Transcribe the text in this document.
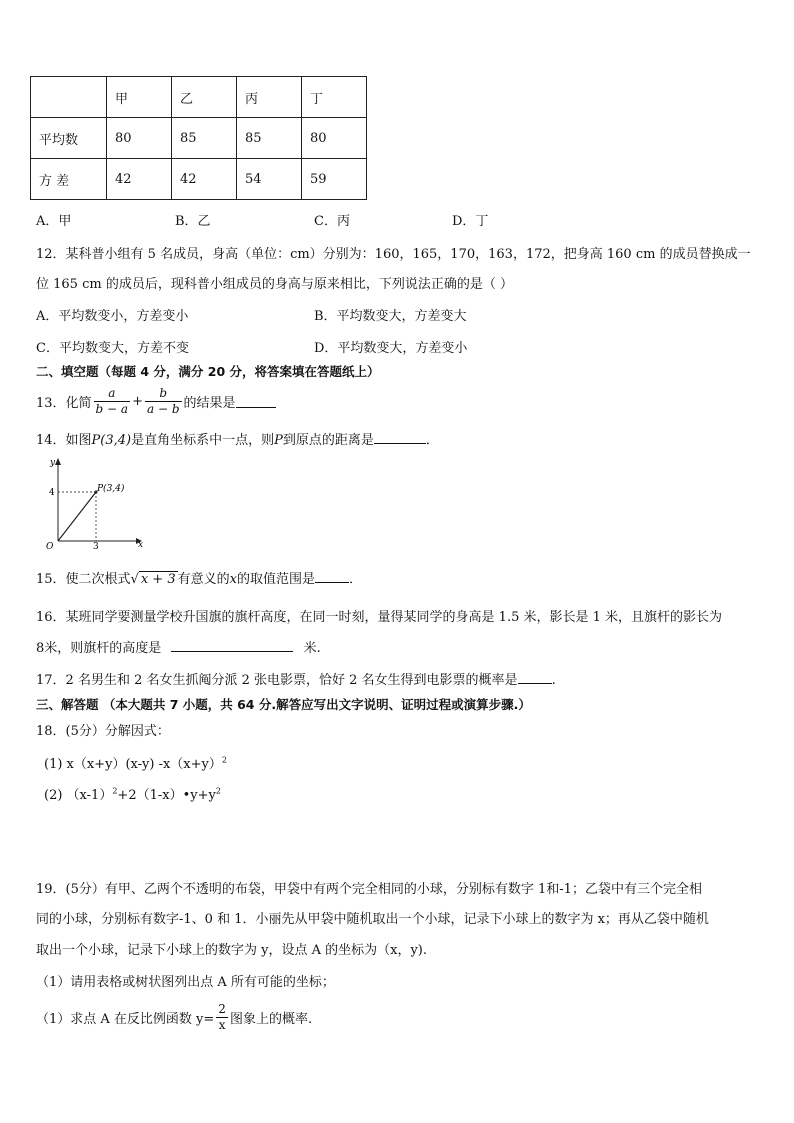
	甲	乙	丙	丁
平均数	80	85	85	80
方 差	42	42	54	59
A．甲	B．乙	C．丙	D．丁
12．某科普小组有 5 名成员，身高（单位：cm）分别为：160，165，170，163，172，把身高 160 cm 的成员替换成一
位 165 cm 的成员后，现科普小组成员的身高与原来相比，下列说法正确的是（ ）
A．平均数变小，方差变小	B．平均数变大，方差变大
C．平均数变大，方差不变	D．平均数变大，方差变小
二、填空题（每题 4 分，满分 20 分，将答案填在答题纸上）
13．化简 $\frac{a}{b - a} + \frac{b}{a - b}$ 的结果是
14．如图P(3,4)是直角坐标系中一点，则P到原点的距离是	．
y
x
O	3
4	P(3,4)
15．使二次根式√ x + 3 有意义的x的取值范围是	．
16．某班同学要测量学校升国旗的旗杆高度，在同一时刻，量得某同学的身高是 1.5 米，影长是 1 米，且旗杆的影长为
8米，则旗杆的高度是	米.
17．2 名男生和 2 名女生抓阄分派 2 张电影票，恰好 2 名女生得到电影票的概率是	.
三、解答题 （本大题共 7 小题，共 64 分.解答应写出文字说明、证明过程或演算步骤.）
18．(5分）分解因式：
(1) x（x+y）(x-y) $-x(x+y)^2$
(2) $(x-1)^2+2(1-x)•y+y^2$
19．(5分）有甲、乙两个不透明的布袋，甲袋中有两个完全相同的小球，分别标有数字 1和-1；乙袋中有三个完全相
同的小球，分别标有数字-1、0 和 1．小丽先从甲袋中随机取出一个小球，记录下小球上的数字为 x；再从乙袋中随机
取出一个小球，记录下小球上的数字为 y，设点 A 的坐标为（x，y).
（1）请用表格或树状图列出点 A 所有可能的坐标；
（1）求点 A 在反比例函数 $y= \frac{2}{x}$ 图象上的概率.
